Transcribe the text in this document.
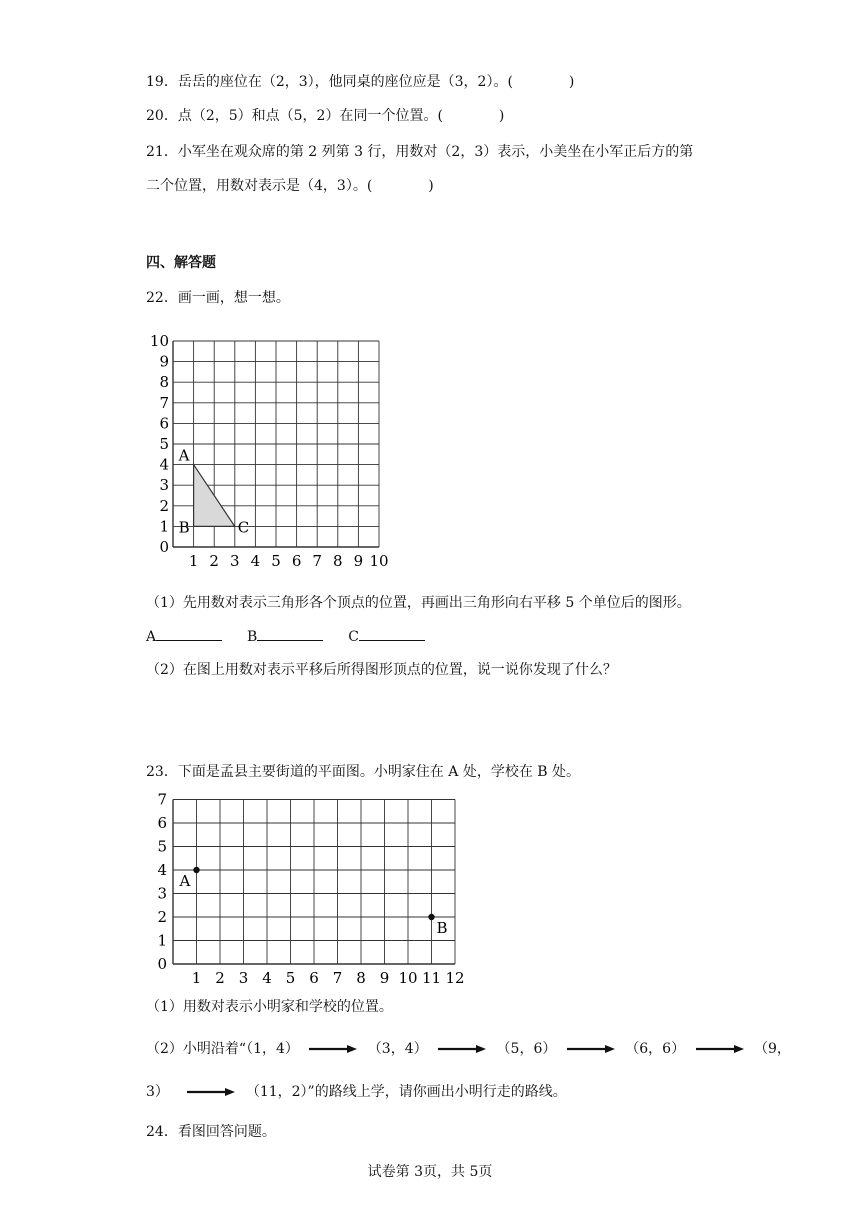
19．岳岳的座位在（2，3），他同桌的座位应是（3，2）。(　　　　)
20．点（2，5）和点（5，2）在同一个位置。(　　　　)
21．小军坐在观众席的第 2 列第 3 行，用数对（2，3）表示，小美坐在小军正后方的第
二个位置，用数对表示是（4，3）。(　　　　)
四、解答题
22．画一画，想一想。
0
1
2
3
4
5
6
7
8
9
10
1 2 3 4 5 6 7 8 9 10
A
B	C
（1）先用数对表示三角形各个顶点的位置，再画出三角形向右平移 5 个单位后的图形。
A	B	C
（2）在图上用数对表示平移后所得图形顶点的位置，说一说你发现了什么？
23．下面是孟县主要街道的平面图。小明家住在 A 处，学校在 B 处。
0
1
2
3
4
5
6
7
1 2 3 4 5 6 7 8 9 10 11 12
A
B
（1）用数对表示小明家和学校的位置。
（2）小明沿着“（1，4）	（3，4）	（5，6）	（6，6）	（9，
3）	（11，2）”的路线上学，请你画出小明行走的路线。
24．看图回答问题。
试卷第 3页，共 5页
